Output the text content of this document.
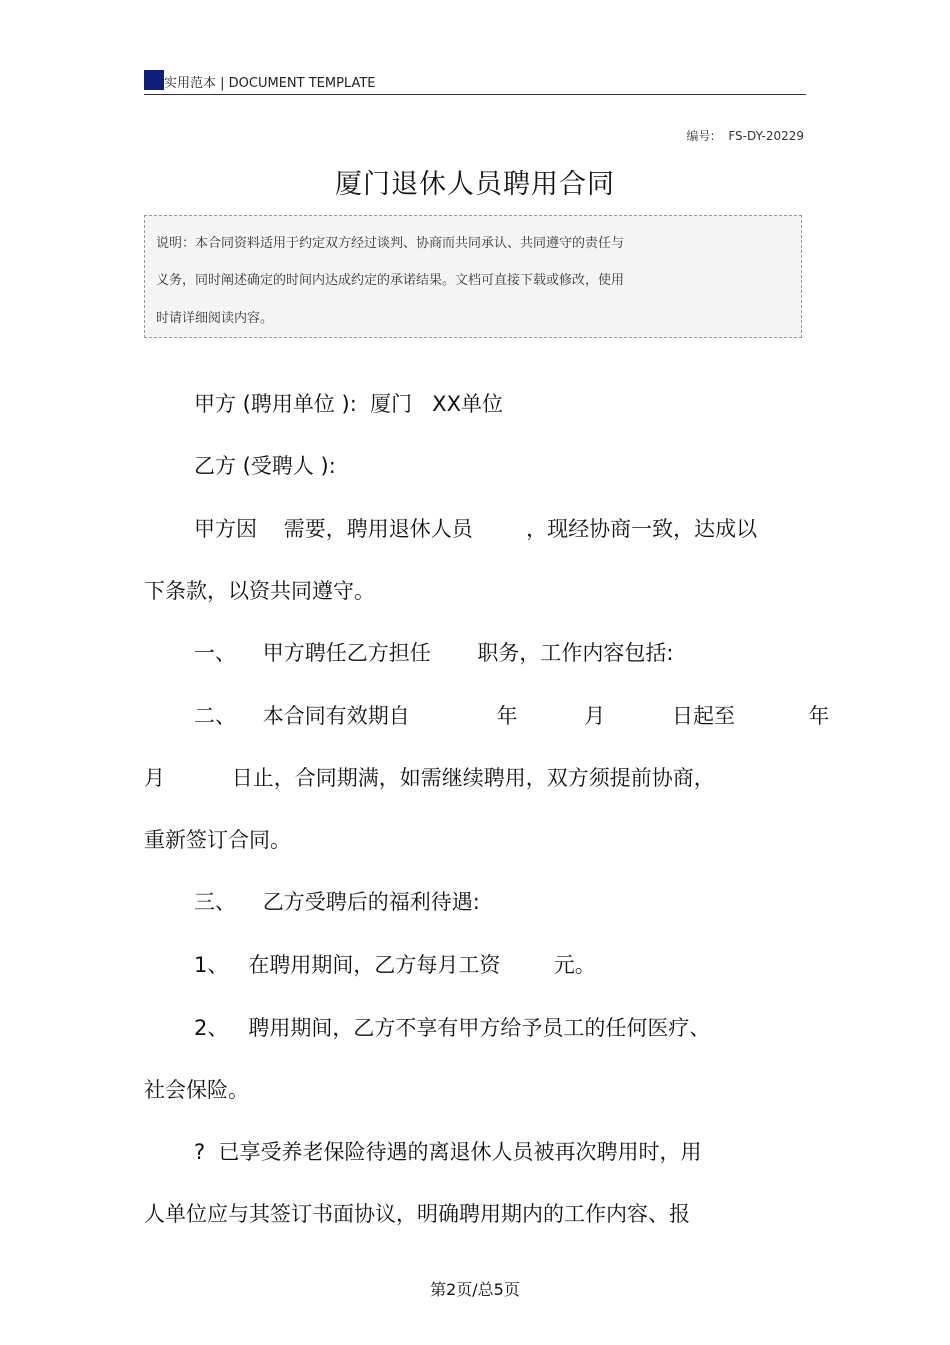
实用范本 | DOCUMENT TEMPLATE
编号: FS-DY-20229
厦门退休人员聘用合同
说明：本合同资料适用于约定双方经过谈判、协商而共同承认、共同遵守的责任与
义务，同时阐述确定的时间内达成约定的承诺结果。文档可直接下载或修改，使用
时请详细阅读内容。
甲方 (聘用单位 ):  厦门   XX单位
乙方 (受聘人 ):
甲方因    需要，聘用退休人员        ，现经协商一致，达成以
下条款，以资共同遵守。
一、    甲方聘任乙方担任       职务，工作内容包括:
二、    本合同有效期自             年          月          日起至           年
月          日止，合同期满，如需继续聘用，双方须提前协商，
重新签订合同。
三、    乙方受聘后的福利待遇:
1、   在聘用期间，乙方每月工资        元。
2、   聘用期间，乙方不享有甲方给予员工的任何医疗、
社会保险。
?  已享受养老保险待遇的离退休人员被再次聘用时，用
人单位应与其签订书面协议，明确聘用期内的工作内容、报
第2页/总5页
